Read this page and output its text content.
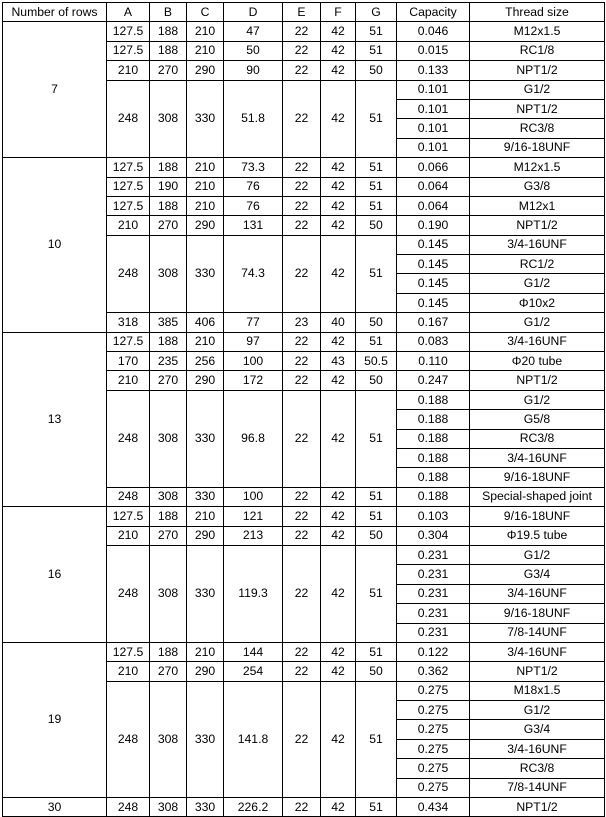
Number of rows	A	B	C	D	E	F	G	Capacity	Thread size
7	127.5	188	210	47	22	42	51	0.046	M12x1.5
	127.5	188	210	50	22	42	51	0.015	RC1/8
	210	270	290	90	22	42	50	0.133	NPT1/2
	248	308	330	51.8	22	42	51	0.101	G1/2
								0.101	NPT1/2
								0.101	RC3/8
								0.101	9/16-18UNF
10	127.5	188	210	73.3	22	42	51	0.066	M12x1.5
	127.5	190	210	76	22	42	51	0.064	G3/8
	127.5	188	210	76	22	42	51	0.064	M12x1
	210	270	290	131	22	42	50	0.190	NPT1/2
	248	308	330	74.3	22	42	51	0.145	3/4-16UNF
								0.145	RC1/2
								0.145	G1/2
								0.145	Φ10x2
	318	385	406	77	23	40	50	0.167	G1/2
13	127.5	188	210	97	22	42	51	0.083	3/4-16UNF
	170	235	256	100	22	43	50.5	0.110	Φ20 tube
	210	270	290	172	22	42	50	0.247	NPT1/2
	248	308	330	96.8	22	42	51	0.188	G1/2
								0.188	G5/8
								0.188	RC3/8
								0.188	3/4-16UNF
								0.188	9/16-18UNF
	248	308	330	100	22	42	51	0.188	Special-shaped joint
16	127.5	188	210	121	22	42	51	0.103	9/16-18UNF
	210	270	290	213	22	42	50	0.304	Φ19.5 tube
	248	308	330	119.3	22	42	51	0.231	G1/2
								0.231	G3/4
								0.231	3/4-16UNF
								0.231	9/16-18UNF
								0.231	7/8-14UNF
19	127.5	188	210	144	22	42	51	0.122	3/4-16UNF
	210	270	290	254	22	42	50	0.362	NPT1/2
	248	308	330	141.8	22	42	51	0.275	M18x1.5
								0.275	G1/2
								0.275	G3/4
								0.275	3/4-16UNF
								0.275	RC3/8
								0.275	7/8-14UNF
30	248	308	330	226.2	22	42	51	0.434	NPT1/2
